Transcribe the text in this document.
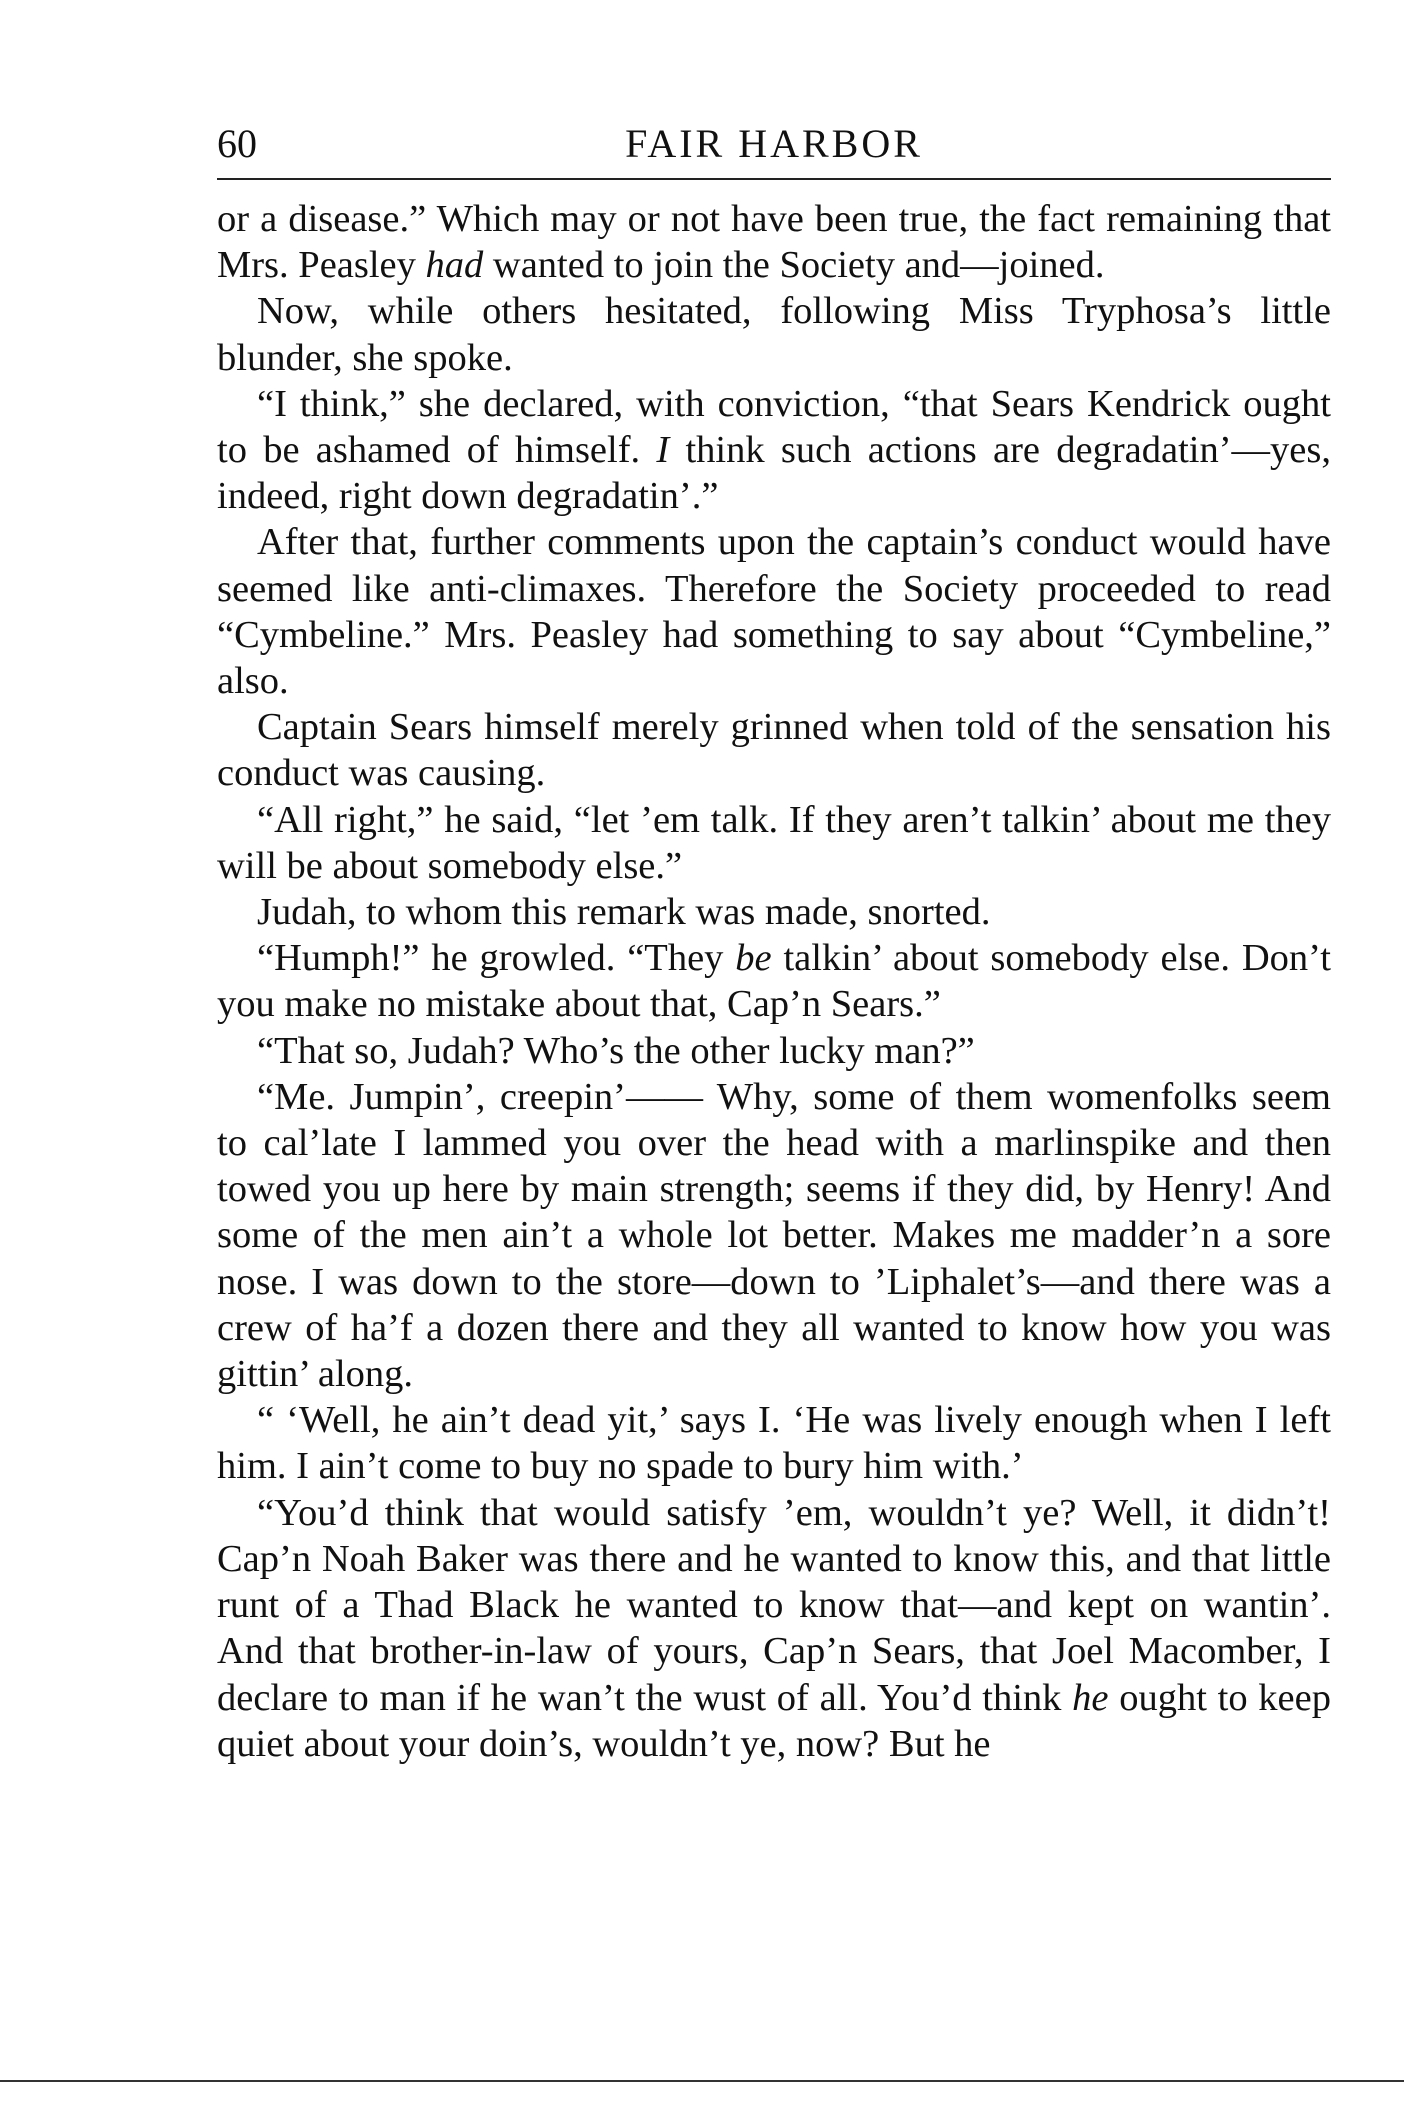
60	FAIR HARBOR

or a disease.” Which may or not have been true, the fact remaining that Mrs. Peasley had wanted to join the Society and—joined.

Now, while others hesitated, following Miss Tryphosa’s little blunder, she spoke.

“I think,” she declared, with conviction, “that Sears Kendrick ought to be ashamed of himself. I think such actions are degradatin’—yes, indeed, right down degradatin’.”

After that, further comments upon the captain’s conduct would have seemed like anti-climaxes. Therefore the Society proceeded to read “Cymbeline.” Mrs. Peasley had something to say about “Cymbeline,” also.

Captain Sears himself merely grinned when told of the sensation his conduct was causing.

“All right,” he said, “let ’em talk. If they aren’t talkin’ about me they will be about somebody else.”

Judah, to whom this remark was made, snorted.

“Humph!” he growled. “They be talkin’ about somebody else. Don’t you make no mistake about that, Cap’n Sears.”

“That so, Judah? Who’s the other lucky man?”

“Me. Jumpin’, creepin’—— Why, some of them womenfolks seem to cal’late I lammed you over the head with a marlinspike and then towed you up here by main strength; seems if they did, by Henry! And some of the men ain’t a whole lot better. Makes me madder’n a sore nose. I was down to the store—down to ’Liphalet’s—and there was a crew of ha’f a dozen there and they all wanted to know how you was gittin’ along.

“ ‘Well, he ain’t dead yit,’ says I. ‘He was lively enough when I left him. I ain’t come to buy no spade to bury him with.’

“You’d think that would satisfy ’em, wouldn’t ye? Well, it didn’t! Cap’n Noah Baker was there and he wanted to know this, and that little runt of a Thad Black he wanted to know that—and kept on wantin’. And that brother-in-law of yours, Cap’n Sears, that Joel Macomber, I declare to man if he wan’t the wust of all. You’d think he ought to keep quiet about your doin’s, wouldn’t ye, now? But he
